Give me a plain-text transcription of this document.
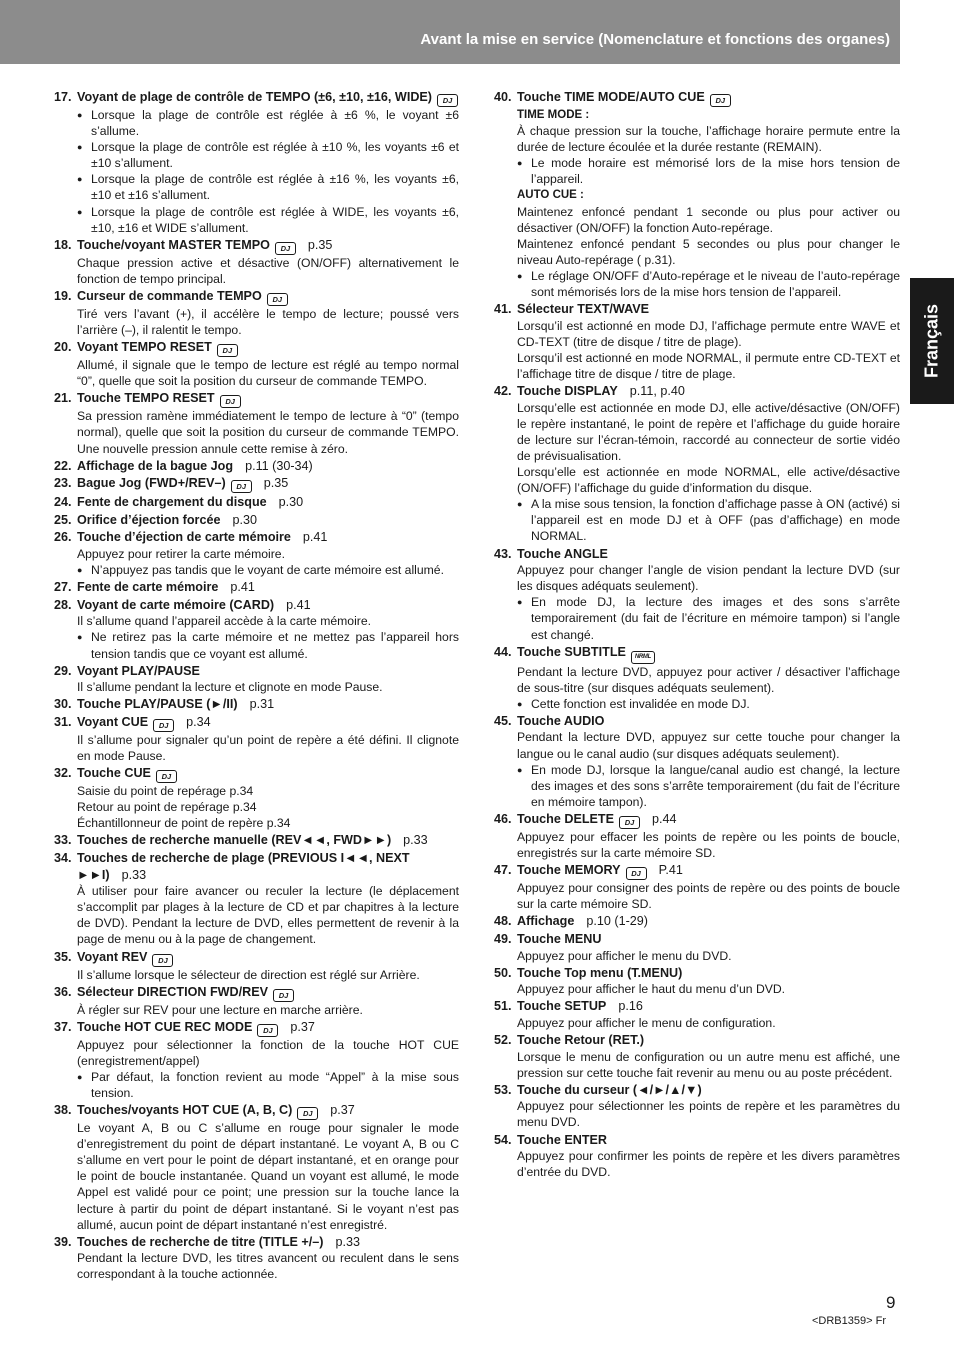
Avant la mise en service (Nomenclature et fonctions des organes)
Français
17. Voyant de plage de contrôle de TEMPO (±6, ±10, ±16, WIDE) DJ
● Lorsque la plage de contrôle est réglée à ±6 %, le voyant ±6 s’allume.
● Lorsque la plage de contrôle est réglée à ±10 %, les voyants ±6 et ±10 s’allument.
● Lorsque la plage de contrôle est réglée à ±16 %, les voyants ±6, ±10 et ±16 s’allument.
● Lorsque la plage de contrôle est réglée à WIDE, les voyants ±6, ±10, ±16 et WIDE s’allument.
18. Touche/voyant MASTER TEMPO DJ p.35

Chaque pression active et désactive (ON/OFF) alternativement le fonction de tempo principal.

19. Curseur de commande TEMPO DJ

Tiré vers l’avant (+), il accélère le tempo de lecture; poussé vers l’arrière (–), il ralentit le tempo.

20. Voyant TEMPO RESET DJ

Allumé, il signale que le tempo de lecture est réglé au tempo normal “0”, quelle que soit la position du curseur de commande TEMPO.

21. Touche TEMPO RESET DJ

Sa pression ramène immédiatement le tempo de lecture à “0” (tempo normal), quelle que soit la position du curseur de commande TEMPO. Une nouvelle pression annule cette remise à zéro.

22. Affichage de la bague Jog p.11 (30-34)
23. Bague Jog (FWD+/REV–) DJ p.35
24. Fente de chargement du disque p.30
25. Orifice d’éjection forcée p.30
26. Touche d’éjection de carte mémoire p.41

Appuyez pour retirer la carte mémoire.

● N’appuyez pas tandis que le voyant de carte mémoire est allumé.
27. Fente de carte mémoire p.41
28. Voyant de carte mémoire (CARD) p.41

Il s’allume quand l’appareil accède à la carte mémoire.

● Ne retirez pas la carte mémoire et ne mettez pas l’appareil hors tension tandis que ce voyant est allumé.
29. Voyant PLAY/PAUSE

Il s’allume pendant la lecture et clignote en mode Pause.

30. Touche PLAY/PAUSE (►/II) p.31
31. Voyant CUE DJ p.34

Il s’allume pour signaler qu’un point de repère a été défini. Il clignote en mode Pause.

32. Touche CUE DJ

Saisie du point de repérage p.34

Retour au point de repérage p.34

Échantillonneur de point de repère p.34

33. Touches de recherche manuelle (REV◄◄, FWD►►) p.33
34. Touches de recherche de plage (PREVIOUS I◄◄, NEXT ►►I) p.33

À utiliser pour faire avancer ou reculer la lecture (le déplacement s’accomplit par plages à la lecture de CD et par chapitres à la lecture de DVD). Pendant la lecture de DVD, elles permettent de revenir à la page de menu ou à la page de changement.

35. Voyant REV DJ

Il s’allume lorsque le sélecteur de direction est réglé sur Arrière.

36. Sélecteur DIRECTION FWD/REV DJ

À régler sur REV pour une lecture en marche arrière.

37. Touche HOT CUE REC MODE DJ p.37

Appuyez pour sélectionner la fonction de la touche HOT CUE (enregistrement/appel)

● Par défaut, la fonction revient au mode “Appel” à la mise sous tension.
38. Touches/voyants HOT CUE (A, B, C) DJ p.37

Le voyant A, B ou C s’allume en rouge pour signaler le mode d’enregistrement du point de départ instantané. Le voyant A, B ou C s’allume en vert pour le point de départ instantané, et en orange pour le point de boucle instantanée. Quand un voyant est allumé, le mode Appel est validé pour ce point; une pression sur la touche lance la lecture à partir du point de départ instantané. Si le voyant n’est pas allumé, aucun point de départ instantané n’est enregistré.

39. Touches de recherche de titre (TITLE +/–) p.33

Pendant la lecture DVD, les titres avancent ou reculent dans le sens correspondant à la touche actionnée.

40. Touche TIME MODE/AUTO CUE DJ

TIME MODE :

À chaque pression sur la touche, l’affichage horaire permute entre la durée de lecture écoulée et la durée restante (REMAIN).

● Le mode horaire est mémorisé lors de la mise hors tension de l’appareil.

AUTO CUE :

Maintenez enfoncé pendant 1 seconde ou plus pour activer ou désactiver (ON/OFF) la fonction Auto-repérage.

Maintenez enfoncé pendant 5 secondes ou plus pour changer le niveau Auto-repérage ( p.31).

● Le réglage ON/OFF d’Auto-repérage et le niveau de l’auto-repérage sont mémorisés lors de la mise hors tension de l’appareil.
41. Sélecteur TEXT/WAVE

Lorsqu’il est actionné en mode DJ, l’affichage permute entre WAVE et CD-TEXT (titre de disque / titre de plage).

Lorsqu’il est actionné en mode NORMAL, il permute entre CD-TEXT et l’affichage titre de disque / titre de plage.

42. Touche DISPLAY p.11, p.40

Lorsqu’elle est actionnée en mode DJ, elle active/désactive (ON/OFF) le repère instantané, le point de repère et l’affichage du guide horaire de lecture sur l’écran-témoin, raccordé au connecteur de sortie vidéo de prévisualisation.

Lorsqu’elle est actionnée en mode NORMAL, elle active/désactive (ON/OFF) l’affichage du guide d’information du disque.

● A la mise sous tension, la fonction d’affichage passe à ON (activé) si l’appareil est en mode DJ et à OFF (pas d’affichage) en mode NORMAL.
43. Touche ANGLE

Appuyez pour changer l’angle de vision pendant la lecture DVD (sur les disques adéquats seulement).

● En mode DJ, la lecture des images et des sons s’arrête temporairement (du fait de l’écriture en mémoire tampon) si l’angle est changé.
44. Touche SUBTITLE NRML

Pendant la lecture DVD, appuyez pour activer / désactiver l’affichage de sous-titre (sur disques adéquats seulement).

● Cette fonction est invalidée en mode DJ.
45. Touche AUDIO

Pendant la lecture DVD, appuyez sur cette touche pour changer la langue ou le canal audio (sur disques adéquats seulement).

● En mode DJ, lorsque la langue/canal audio est changé, la lecture des images et des sons s’arrête temporairement (du fait de l’écriture en mémoire tampon).
46. Touche DELETE DJ p.44

Appuyez pour effacer les points de repère ou les points de boucle, enregistrés sur la carte mémoire SD.

47. Touche MEMORY DJ P.41

Appuyez pour consigner des points de repère ou des points de boucle sur la carte mémoire SD.

48. Affichage p.10 (1-29)
49. Touche MENU

Appuyez pour afficher le menu du DVD.

50. Touche Top menu (T.MENU)

Appuyez pour afficher le haut du menu d’un DVD.

51. Touche SETUP p.16

Appuyez pour afficher le menu de configuration.

52. Touche Retour (RET.)

Lorsque le menu de configuration ou un autre menu est affiché, une pression sur cette touche fait revenir au menu ou au poste précédent.

53. Touche du curseur (◄/►/▲/▼)

Appuyez pour sélectionner les points de repère et les paramètres du menu DVD.

54. Touche ENTER

Appuyez pour confirmer les points de repère et les divers paramètres d’entrée du DVD.

9
<DRB1359> Fr
